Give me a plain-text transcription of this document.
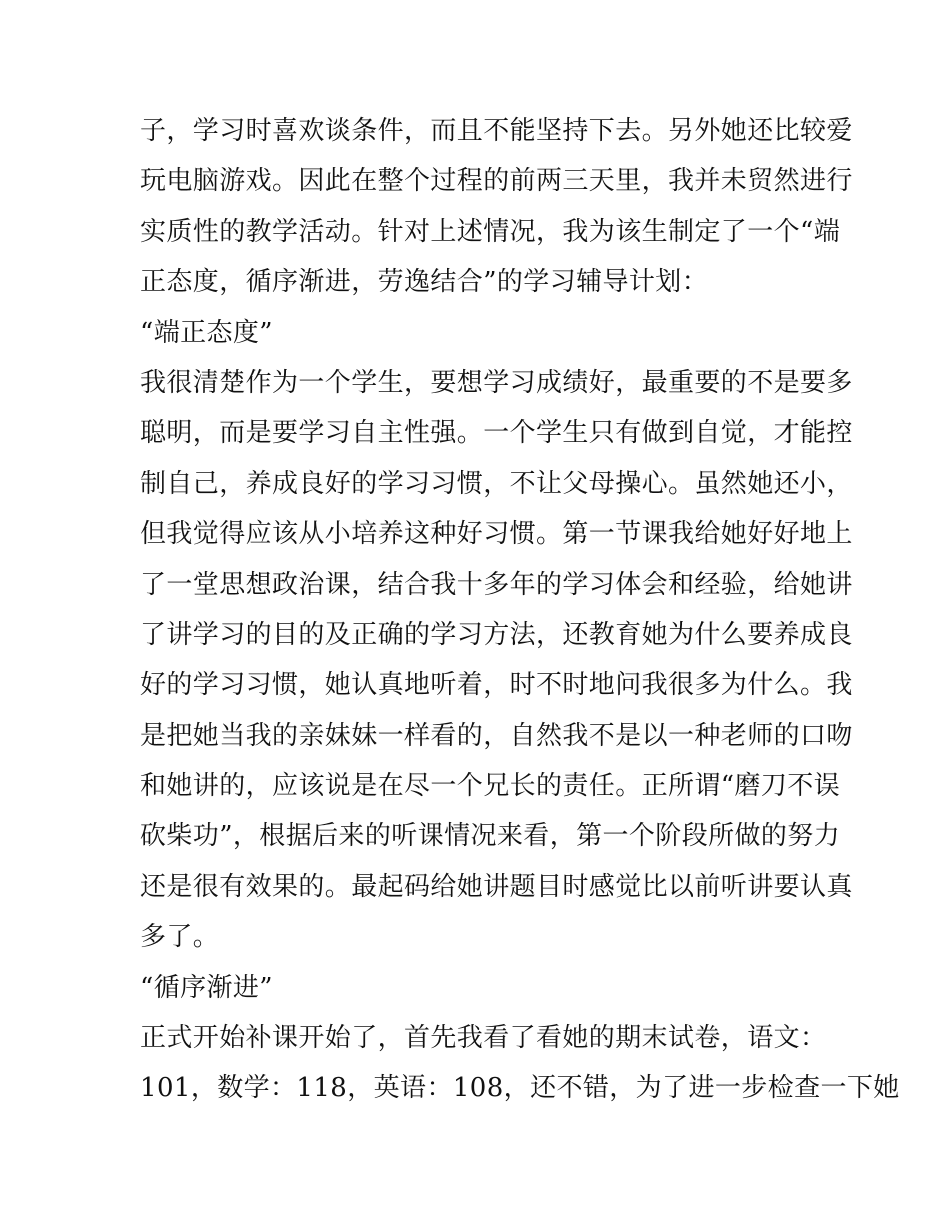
子，学习时喜欢谈条件，而且不能坚持下去。另外她还比较爱
玩电脑游戏。因此在整个过程的前两三天里，我并未贸然进行
实质性的教学活动。针对上述情况，我为该生制定了一个“端
正态度，循序渐进，劳逸结合”的学习辅导计划：
“端正态度”
我很清楚作为一个学生，要想学习成绩好，最重要的不是要多
聪明，而是要学习自主性强。一个学生只有做到自觉，才能控
制自己，养成良好的学习习惯，不让父母操心。虽然她还小，
但我觉得应该从小培养这种好习惯。第一节课我给她好好地上
了一堂思想政治课，结合我十多年的学习体会和经验，给她讲
了讲学习的目的及正确的学习方法，还教育她为什么要养成良
好的学习习惯，她认真地听着，时不时地问我很多为什么。我
是把她当我的亲妹妹一样看的，自然我不是以一种老师的口吻
和她讲的，应该说是在尽一个兄长的责任。正所谓“磨刀不误
砍柴功”，根据后来的听课情况来看，第一个阶段所做的努力
还是很有效果的。最起码给她讲题目时感觉比以前听讲要认真
多了。
“循序渐进”
正式开始补课开始了，首先我看了看她的期末试卷，语文：
101，数学：118，英语：108，还不错，为了进一步检查一下她
